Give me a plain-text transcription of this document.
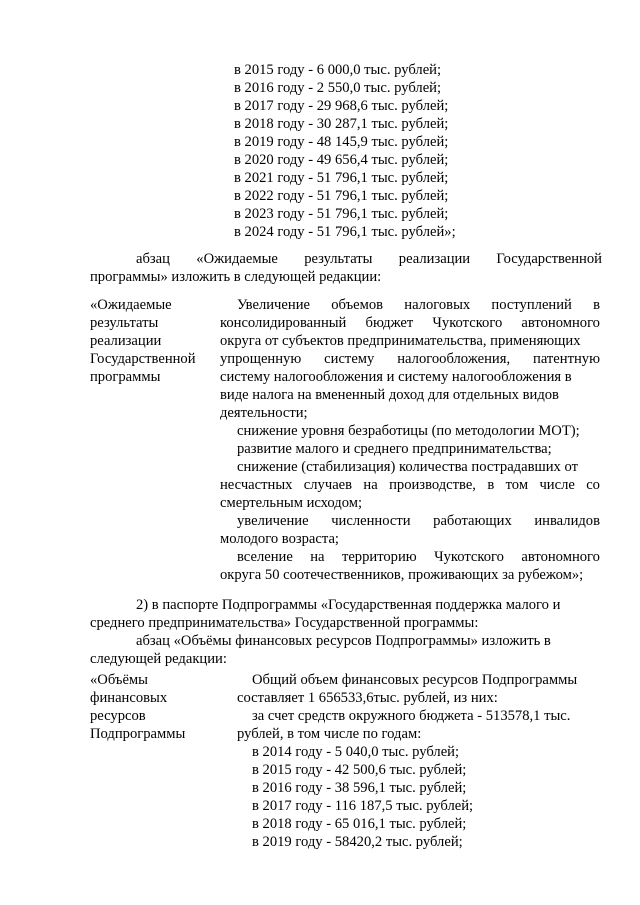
в 2015 году - 6 000,0 тыс. рублей;
в 2016 году - 2 550,0 тыс. рублей;
в 2017 году - 29 968,6 тыс. рублей;
в 2018 году - 30 287,1 тыс. рублей;
в 2019 году - 48 145,9 тыс. рублей;
в 2020 году - 49 656,4 тыс. рублей;
в 2021 году - 51 796,1 тыс. рублей;
в 2022 году - 51 796,1 тыс. рублей;
в 2023 году - 51 796,1 тыс. рублей;
в 2024 году - 51 796,1 тыс. рублей»;
абзац «Ожидаемые результаты реализации Государственной
программы» изложить в следующей редакции:
«Ожидаемые
результаты
реализации
Государственной
программы
Увеличение объемов налоговых поступлений в
консолидированный бюджет Чукотского автономного
округа от субъектов предпринимательства, применяющих
упрощенную систему налогообложения, патентную
систему налогообложения и систему налогообложения в
виде налога на вмененный доход для отдельных видов
деятельности;
снижение уровня безработицы (по методологии МОТ);
развитие малого и среднего предпринимательства;
снижение (стабилизация) количества пострадавших от
несчастных случаев на производстве, в том числе со
смертельным исходом;
увеличение численности работающих инвалидов
молодого возраста;
вселение на территорию Чукотского автономного
округа 50 соотечественников, проживающих за рубежом»;
2) в паспорте Подпрограммы «Государственная поддержка малого и
среднего предпринимательства» Государственной программы:
абзац «Объёмы финансовых ресурсов Подпрограммы» изложить в
следующей редакции:
«Объёмы
финансовых
ресурсов
Подпрограммы
Общий объем финансовых ресурсов Подпрограммы
составляет 1 656533,6тыс. рублей, из них:
за счет средств окружного бюджета - 513578,1 тыс.
рублей, в том числе по годам:
в 2014 году - 5 040,0 тыс. рублей;
в 2015 году - 42 500,6 тыс. рублей;
в 2016 году - 38 596,1 тыс. рублей;
в 2017 году - 116 187,5 тыс. рублей;
в 2018 году - 65 016,1 тыс. рублей;
в 2019 году - 58420,2 тыс. рублей;
